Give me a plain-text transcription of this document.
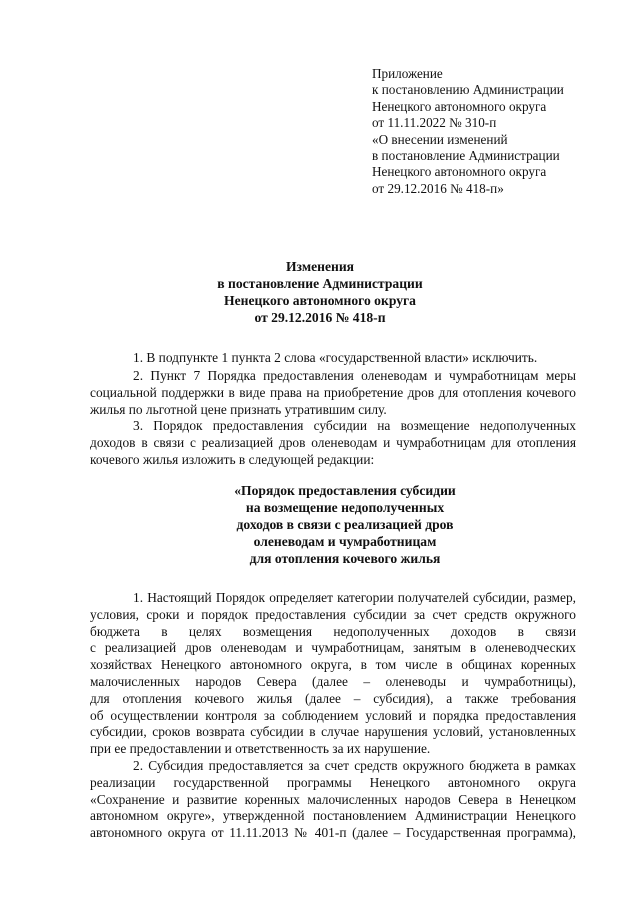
Приложение
к постановлению Администрации
Ненецкого автономного округа
от 11.11.2022 № 310-п
«О внесении изменений
в постановление Администрации
Ненецкого автономного округа
от 29.12.2016 № 418-п»
Изменения
в постановление Администрации
Ненецкого автономного округа
от 29.12.2016 № 418-п
1. В подпункте 1 пункта 2 слова «государственной власти» исключить.
2. Пункт 7 Порядка предоставления оленеводам и чумработницам меры социальной поддержки в виде права на приобретение дров для отопления кочевого жилья по льготной цене признать утратившим силу.
3. Порядок предоставления субсидии на возмещение недополученных доходов в связи с реализацией дров оленеводам и чумработницам для отопления кочевого жилья изложить в следующей редакции:
«Порядок предоставления субсидии
на возмещение недополученных
доходов в связи с реализацией дров
оленеводам и чумработницам
для отопления кочевого жилья
1. Настоящий Порядок определяет категории получателей субсидии, размер,
условия, сроки и порядок предоставления субсидии за счет средств окружного
бюджета в целях возмещения недополученных доходов в связи
с реализацией дров оленеводам и чумработницам, занятым в оленеводческих
хозяйствах Ненецкого автономного округа, в том числе в общинах коренных
малочисленных народов Севера (далее – оленеводы и чумработницы),
для отопления кочевого жилья (далее – субсидия), а также требования
об осуществлении контроля за соблюдением условий и порядка предоставления
субсидии, сроков возврата субсидии в случае нарушения условий, установленных
при ее предоставлении и ответственность за их нарушение.
2. Субсидия предоставляется за счет средств окружного бюджета в рамках
реализации государственной программы Ненецкого автономного округа
«Сохранение и развитие коренных малочисленных народов Севера в Ненецком
автономном округе», утвержденной постановлением Администрации Ненецкого
автономного округа от 11.11.2013 № 401-п (далее – Государственная программа),
